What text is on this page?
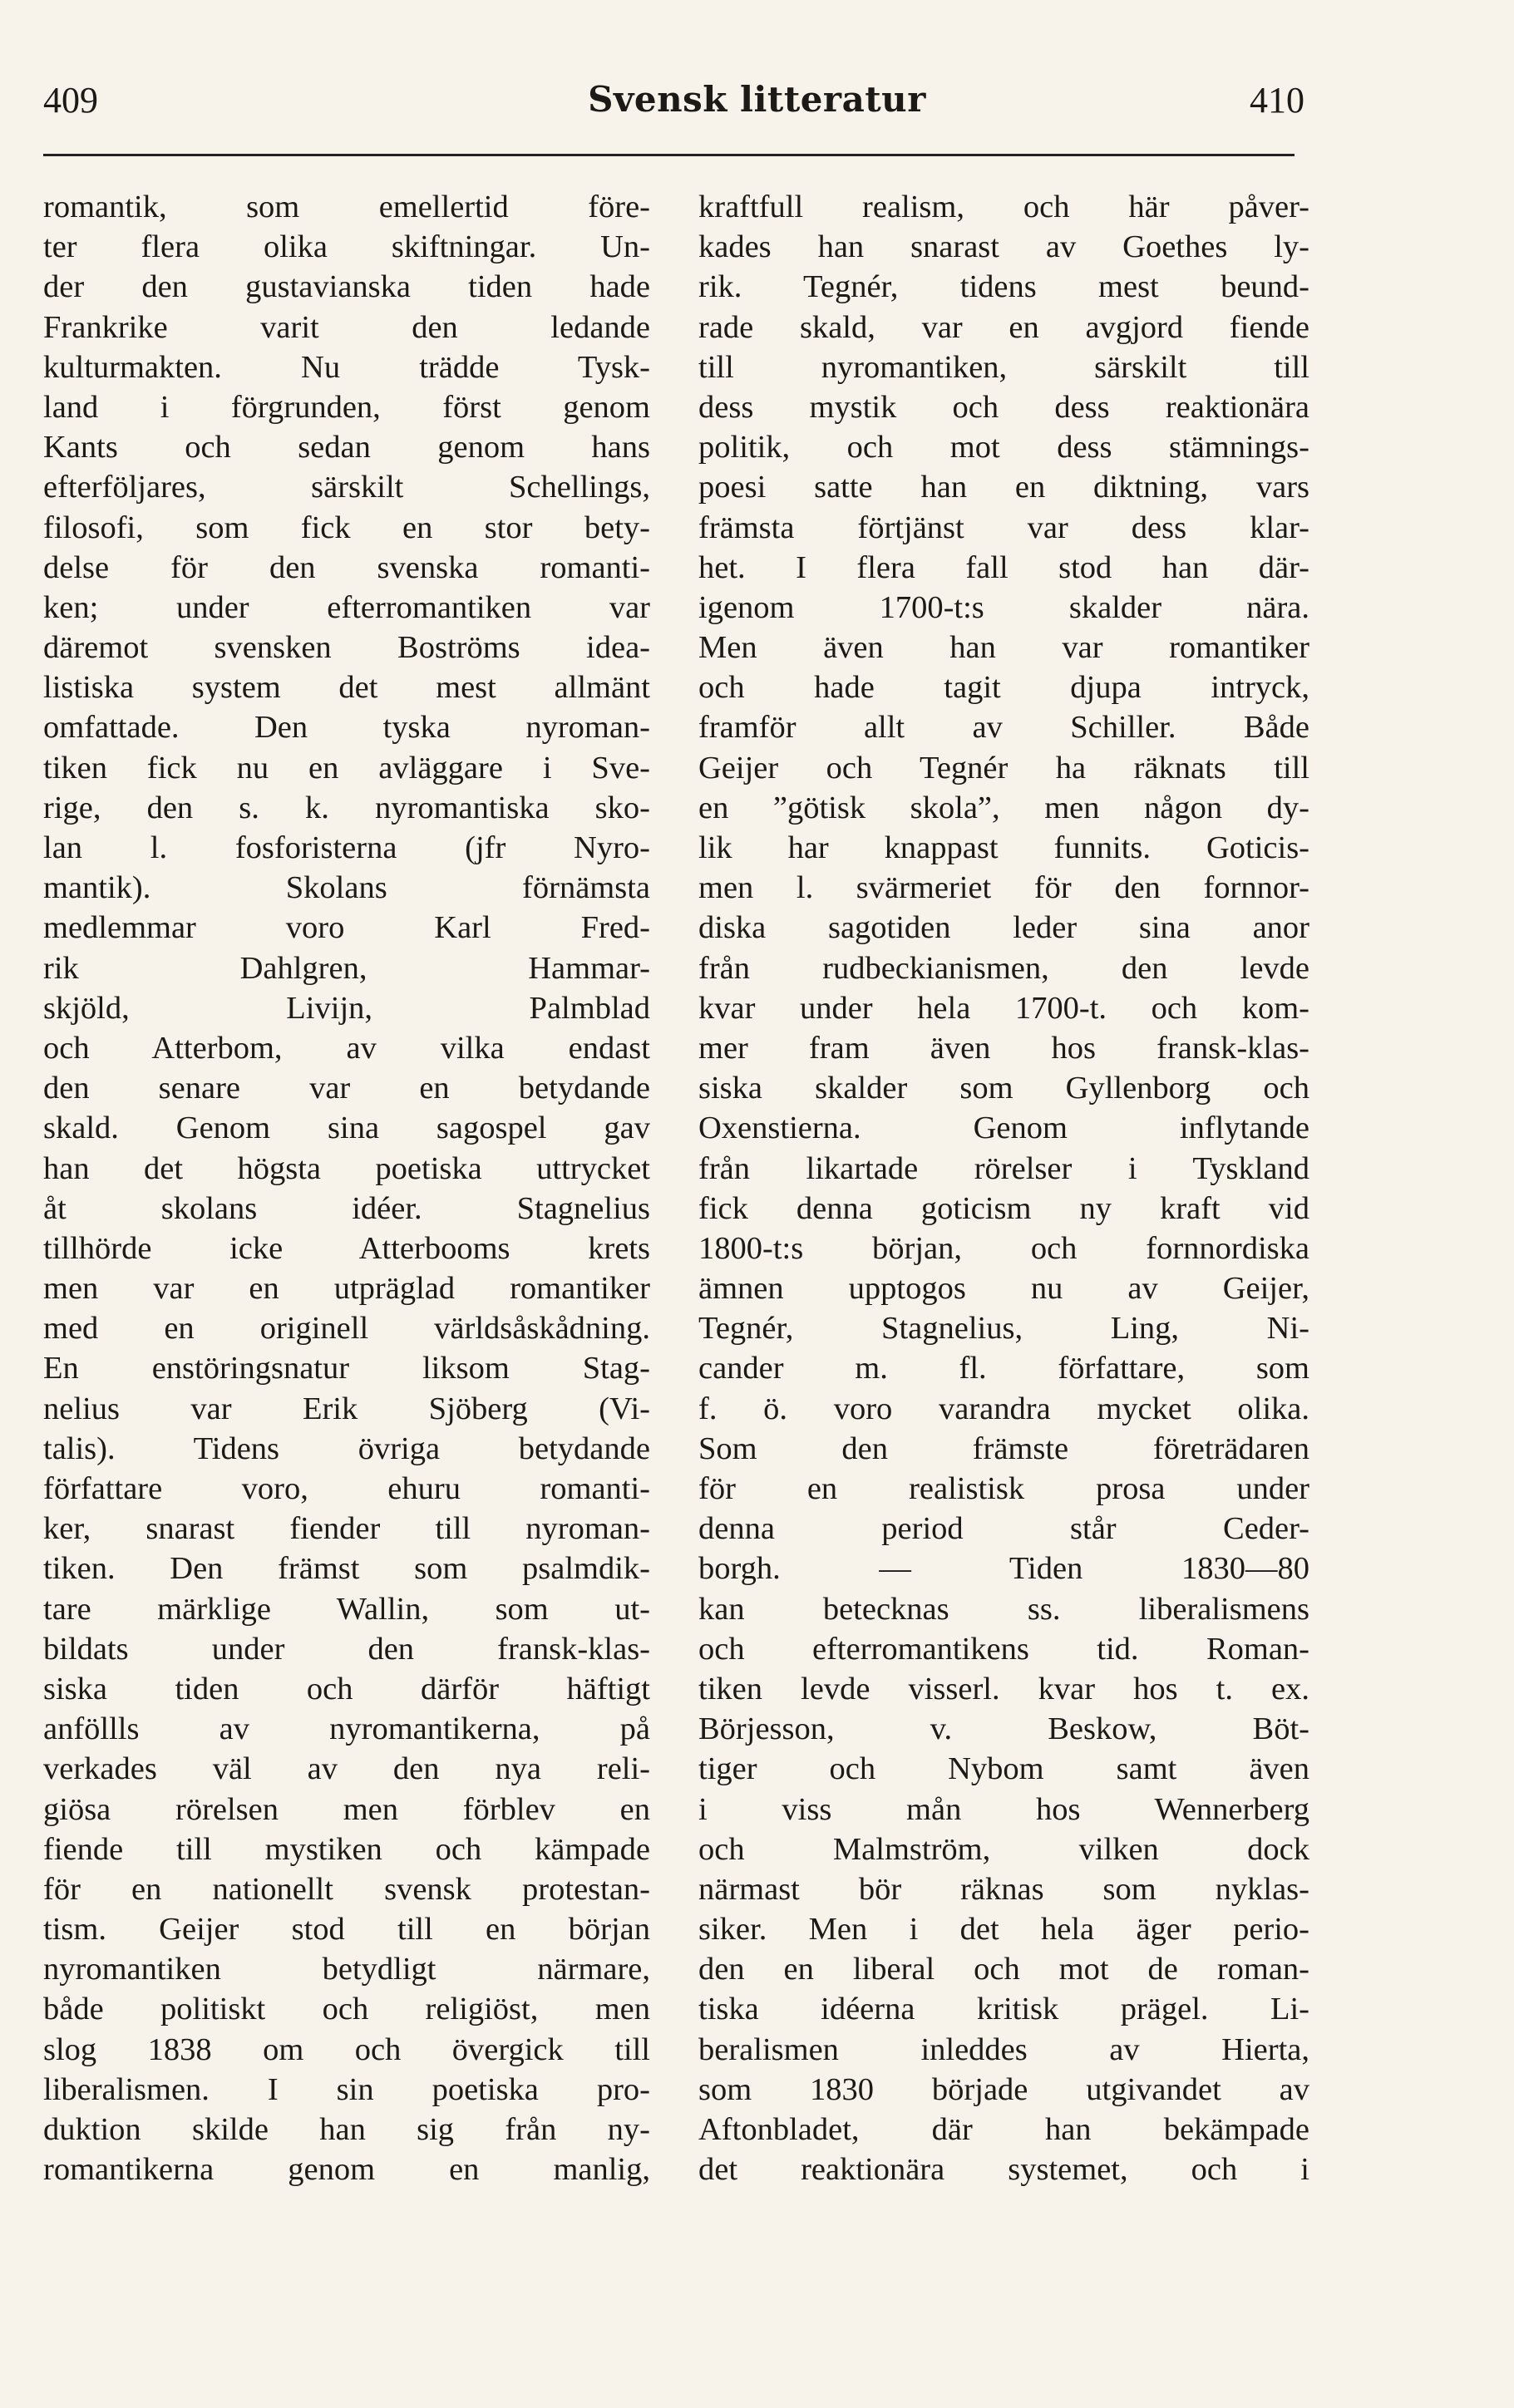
409	Svensk litteratur	410
romantik, som emellertid före-
ter flera olika skiftningar. Un-
der den gustavianska tiden hade
Frankrike varit den ledande
kulturmakten. Nu trädde Tysk-
land i förgrunden, först genom
Kants och sedan genom hans
efterföljares, särskilt Schellings,
filosofi, som fick en stor bety-
delse för den svenska romanti-
ken; under efterromantiken var
däremot svensken Boströms idea-
listiska system det mest allmänt
omfattade. Den tyska nyroman-
tiken fick nu en avläggare i Sve-
rige, den s. k. nyromantiska sko-
lan l. fosforisterna (jfr Nyro-
mantik). Skolans förnämsta
medlemmar voro Karl Fred-
rik Dahlgren, Hammar-
skjöld, Livijn, Palmblad
och Atterbom, av vilka endast
den senare var en betydande
skald. Genom sina sagospel gav
han det högsta poetiska uttrycket
åt skolans idéer. Stagnelius
tillhörde icke Atterbooms krets
men var en utpräglad romantiker
med en originell världsåskådning.
En enstöringsnatur liksom Stag-
nelius var Erik Sjöberg (Vi-
talis). Tidens övriga betydande
författare voro, ehuru romanti-
ker, snarast fiender till nyroman-
tiken. Den främst som psalmdik-
tare märklige Wallin, som ut-
bildats under den fransk-klas-
siska tiden och därför häftigt
anföllls av nyromantikerna, på
verkades väl av den nya reli-
giösa rörelsen men förblev en
fiende till mystiken och kämpade
för en nationellt svensk protestan-
tism. Geijer stod till en början
nyromantiken betydligt närmare,
både politiskt och religiöst, men
slog 1838 om och övergick till
liberalismen. I sin poetiska pro-
duktion skilde han sig från ny-
romantikerna genom en manlig,
kraftfull realism, och här påver-
kades han snarast av Goethes ly-
rik. Tegnér, tidens mest beund-
rade skald, var en avgjord fiende
till nyromantiken, särskilt till
dess mystik och dess reaktionära
politik, och mot dess stämnings-
poesi satte han en diktning, vars
främsta förtjänst var dess klar-
het. I flera fall stod han där-
igenom 1700-t:s skalder nära.
Men även han var romantiker
och hade tagit djupa intryck,
framför allt av Schiller. Både
Geijer och Tegnér ha räknats till
en ”götisk skola”, men någon dy-
lik har knappast funnits. Goticis-
men l. svärmeriet för den fornnor-
diska sagotiden leder sina anor
från rudbeckianismen, den levde
kvar under hela 1700-t. och kom-
mer fram även hos fransk-klas-
siska skalder som Gyllenborg och
Oxenstierna. Genom inflytande
från likartade rörelser i Tyskland
fick denna goticism ny kraft vid
1800-t:s början, och fornnordiska
ämnen upptogos nu av Geijer,
Tegnér, Stagnelius, Ling, Ni-
cander m. fl. författare, som
f. ö. voro varandra mycket olika.
Som den främste företrädaren
för en realistisk prosa under
denna period står Ceder-
borgh. — Tiden 1830—80
kan betecknas ss. liberalismens
och efterromantikens tid. Roman-
tiken levde visserl. kvar hos t. ex.
Börjesson, v. Beskow, Böt-
tiger och Nybom samt även
i viss mån hos Wennerberg
och Malmström, vilken dock
närmast bör räknas som nyklas-
siker. Men i det hela äger perio-
den en liberal och mot de roman-
tiska idéerna kritisk prägel. Li-
beralismen inleddes av Hierta,
som 1830 började utgivandet av
Aftonbladet, där han bekämpade
det reaktionära systemet, och i
